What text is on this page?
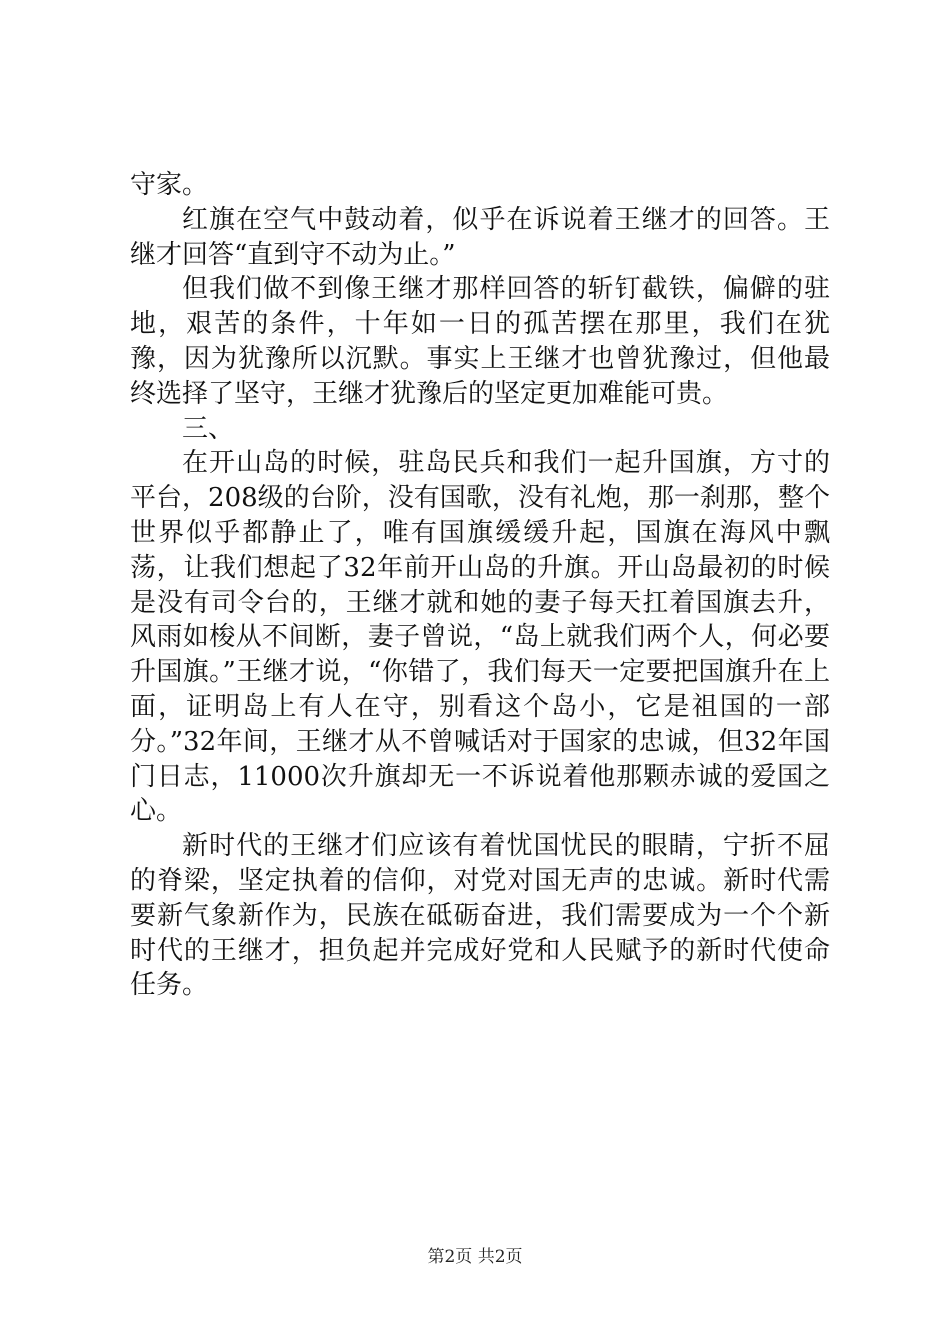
守家。

红旗在空气中鼓动着，似乎在诉说着王继才的回答。王继才回答“直到守不动为止。”

但我们做不到像王继才那样回答的斩钉截铁，偏僻的驻地，艰苦的条件，十年如一日的孤苦摆在那里，我们在犹豫，因为犹豫所以沉默。事实上王继才也曾犹豫过，但他最终选择了坚守，王继才犹豫后的坚定更加难能可贵。

三、

在开山岛的时候，驻岛民兵和我们一起升国旗，方寸的平台，208级的台阶，没有国歌，没有礼炮，那一刹那，整个世界似乎都静止了，唯有国旗缓缓升起，国旗在海风中飘荡，让我们想起了32年前开山岛的升旗。开山岛最初的时候是没有司令台的，王继才就和她的妻子每天扛着国旗去升，风雨如梭从不间断，妻子曾说，“岛上就我们两个人，何必要升国旗。”王继才说，“你错了，我们每天一定要把国旗升在上面，证明岛上有人在守，别看这个岛小，它是祖国的一部分。”32年间，王继才从不曾喊话对于国家的忠诚，但32年国门日志，11000次升旗却无一不诉说着他那颗赤诚的爱国之心。

新时代的王继才们应该有着忧国忧民的眼睛，宁折不屈的脊梁，坚定执着的信仰，对党对国无声的忠诚。新时代需要新气象新作为，民族在砥砺奋进，我们需要成为一个个新时代的王继才，担负起并完成好党和人民赋予的新时代使命任务。

第2页 共2页
